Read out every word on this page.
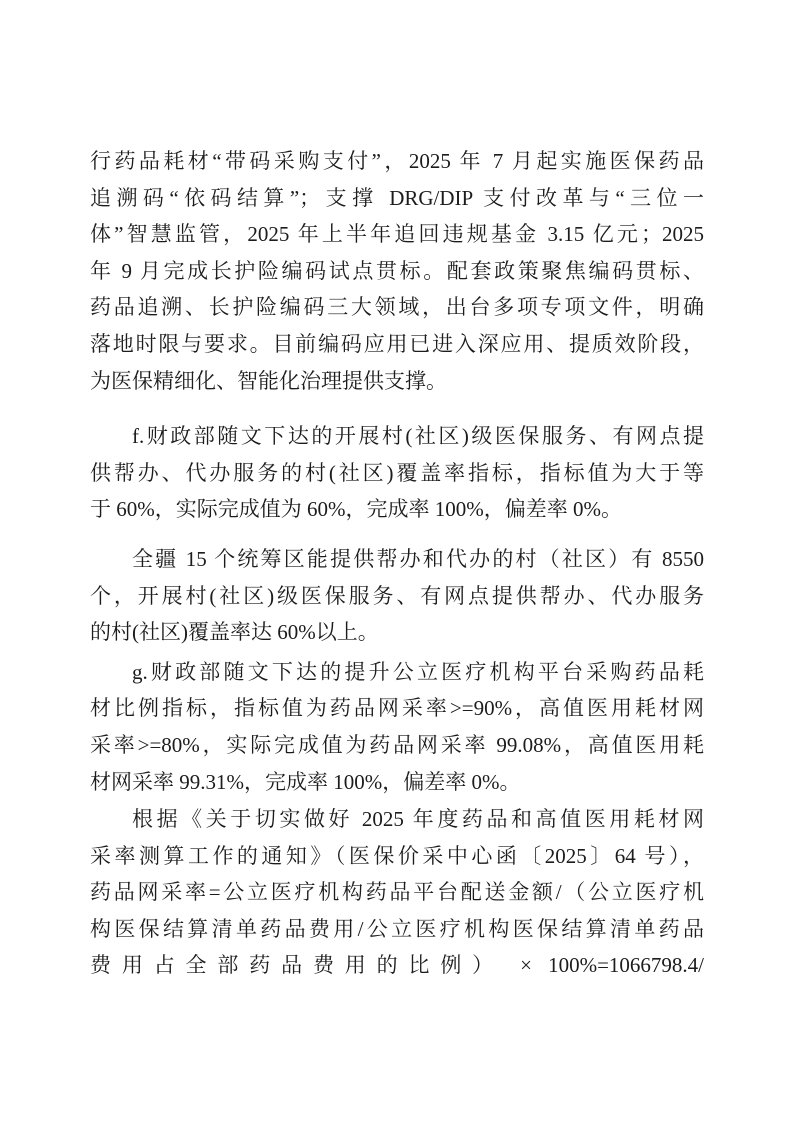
行药品耗材“带码采购支付”，2025 年 7 月起实施医保药品
追溯码“依码结算”；支撑 DRG/DIP 支付改革与“三位一
体”智慧监管，2025 年上半年追回违规基金 3.15 亿元；2025
年 9 月完成长护险编码试点贯标。配套政策聚焦编码贯标、
药品追溯、长护险编码三大领域，出台多项专项文件，明确
落地时限与要求。目前编码应用已进入深应用、提质效阶段，
为医保精细化、智能化治理提供支撑。
f.财政部随文下达的开展村(社区)级医保服务、有网点提
供帮办、代办服务的村(社区)覆盖率指标，指标值为大于等
于 60%，实际完成值为 60%，完成率 100%，偏差率 0%。
全疆 15 个统筹区能提供帮办和代办的村（社区）有 8550
个，开展村(社区)级医保服务、有网点提供帮办、代办服务
的村(社区)覆盖率达 60%以上。
g.财政部随文下达的提升公立医疗机构平台采购药品耗
材比例指标，指标值为药品网采率>=90%，高值医用耗材网
采率>=80%，实际完成值为药品网采率 99.08%，高值医用耗
材网采率 99.31%，完成率 100%，偏差率 0%。
根据《关于切实做好 2025 年度药品和高值医用耗材网
采率测算工作的通知》（医保价采中心函〔2025〕64 号），
药品网采率=公立医疗机构药品平台配送金额/（公立医疗机
构医保结算清单药品费用/公立医疗机构医保结算清单药品
费用占全部药品费用的比例） × 100%=1066798.4/
